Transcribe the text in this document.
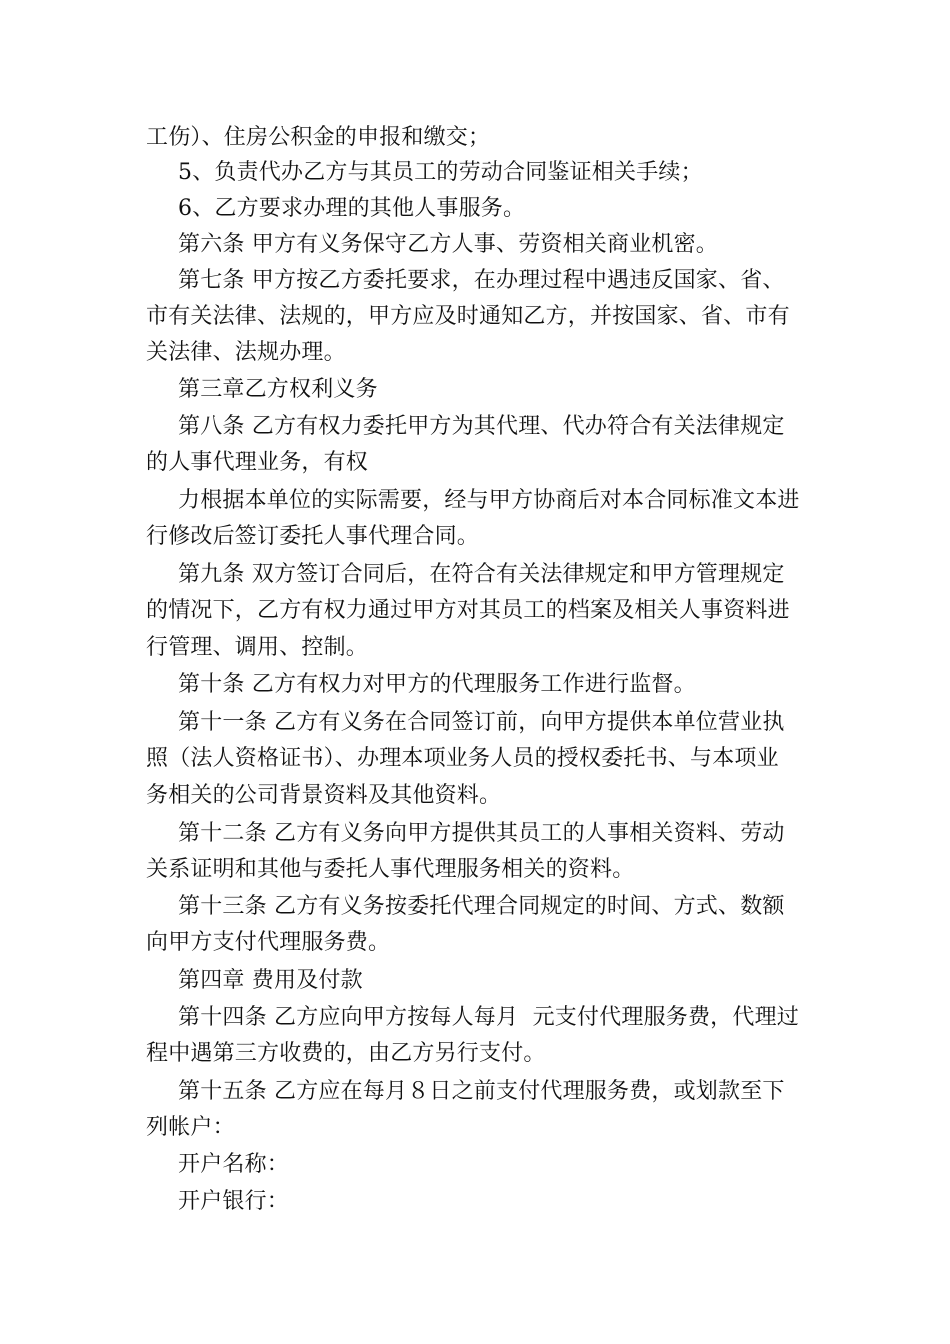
工伤）、住房公积金的申报和缴交；
5、负责代办乙方与其员工的劳动合同鉴证相关手续；
6、乙方要求办理的其他人事服务。
第六条 甲方有义务保守乙方人事、劳资相关商业机密。
第七条 甲方按乙方委托要求，在办理过程中遇违反国家、省、
市有关法律、法规的，甲方应及时通知乙方，并按国家、省、市有
关法律、法规办理。
第三章乙方权利义务
第八条 乙方有权力委托甲方为其代理、代办符合有关法律规定
的人事代理业务，有权
力根据本单位的实际需要，经与甲方协商后对本合同标准文本进
行修改后签订委托人事代理合同。
第九条 双方签订合同后，在符合有关法律规定和甲方管理规定
的情况下，乙方有权力通过甲方对其员工的档案及相关人事资料进
行管理、调用、控制。
第十条 乙方有权力对甲方的代理服务工作进行监督。
第十一条 乙方有义务在合同签订前，向甲方提供本单位营业执
照（法人资格证书）、办理本项业务人员的授权委托书、与本项业
务相关的公司背景资料及其他资料。
第十二条 乙方有义务向甲方提供其员工的人事相关资料、劳动
关系证明和其他与委托人事代理服务相关的资料。
第十三条 乙方有义务按委托代理合同规定的时间、方式、数额
向甲方支付代理服务费。
第四章 费用及付款
第十四条 乙方应向甲方按每人每月  元支付代理服务费，代理过
程中遇第三方收费的，由乙方另行支付。
第十五条 乙方应在每月８日之前支付代理服务费，或划款至下
列帐户：
开户名称：
开户银行：
